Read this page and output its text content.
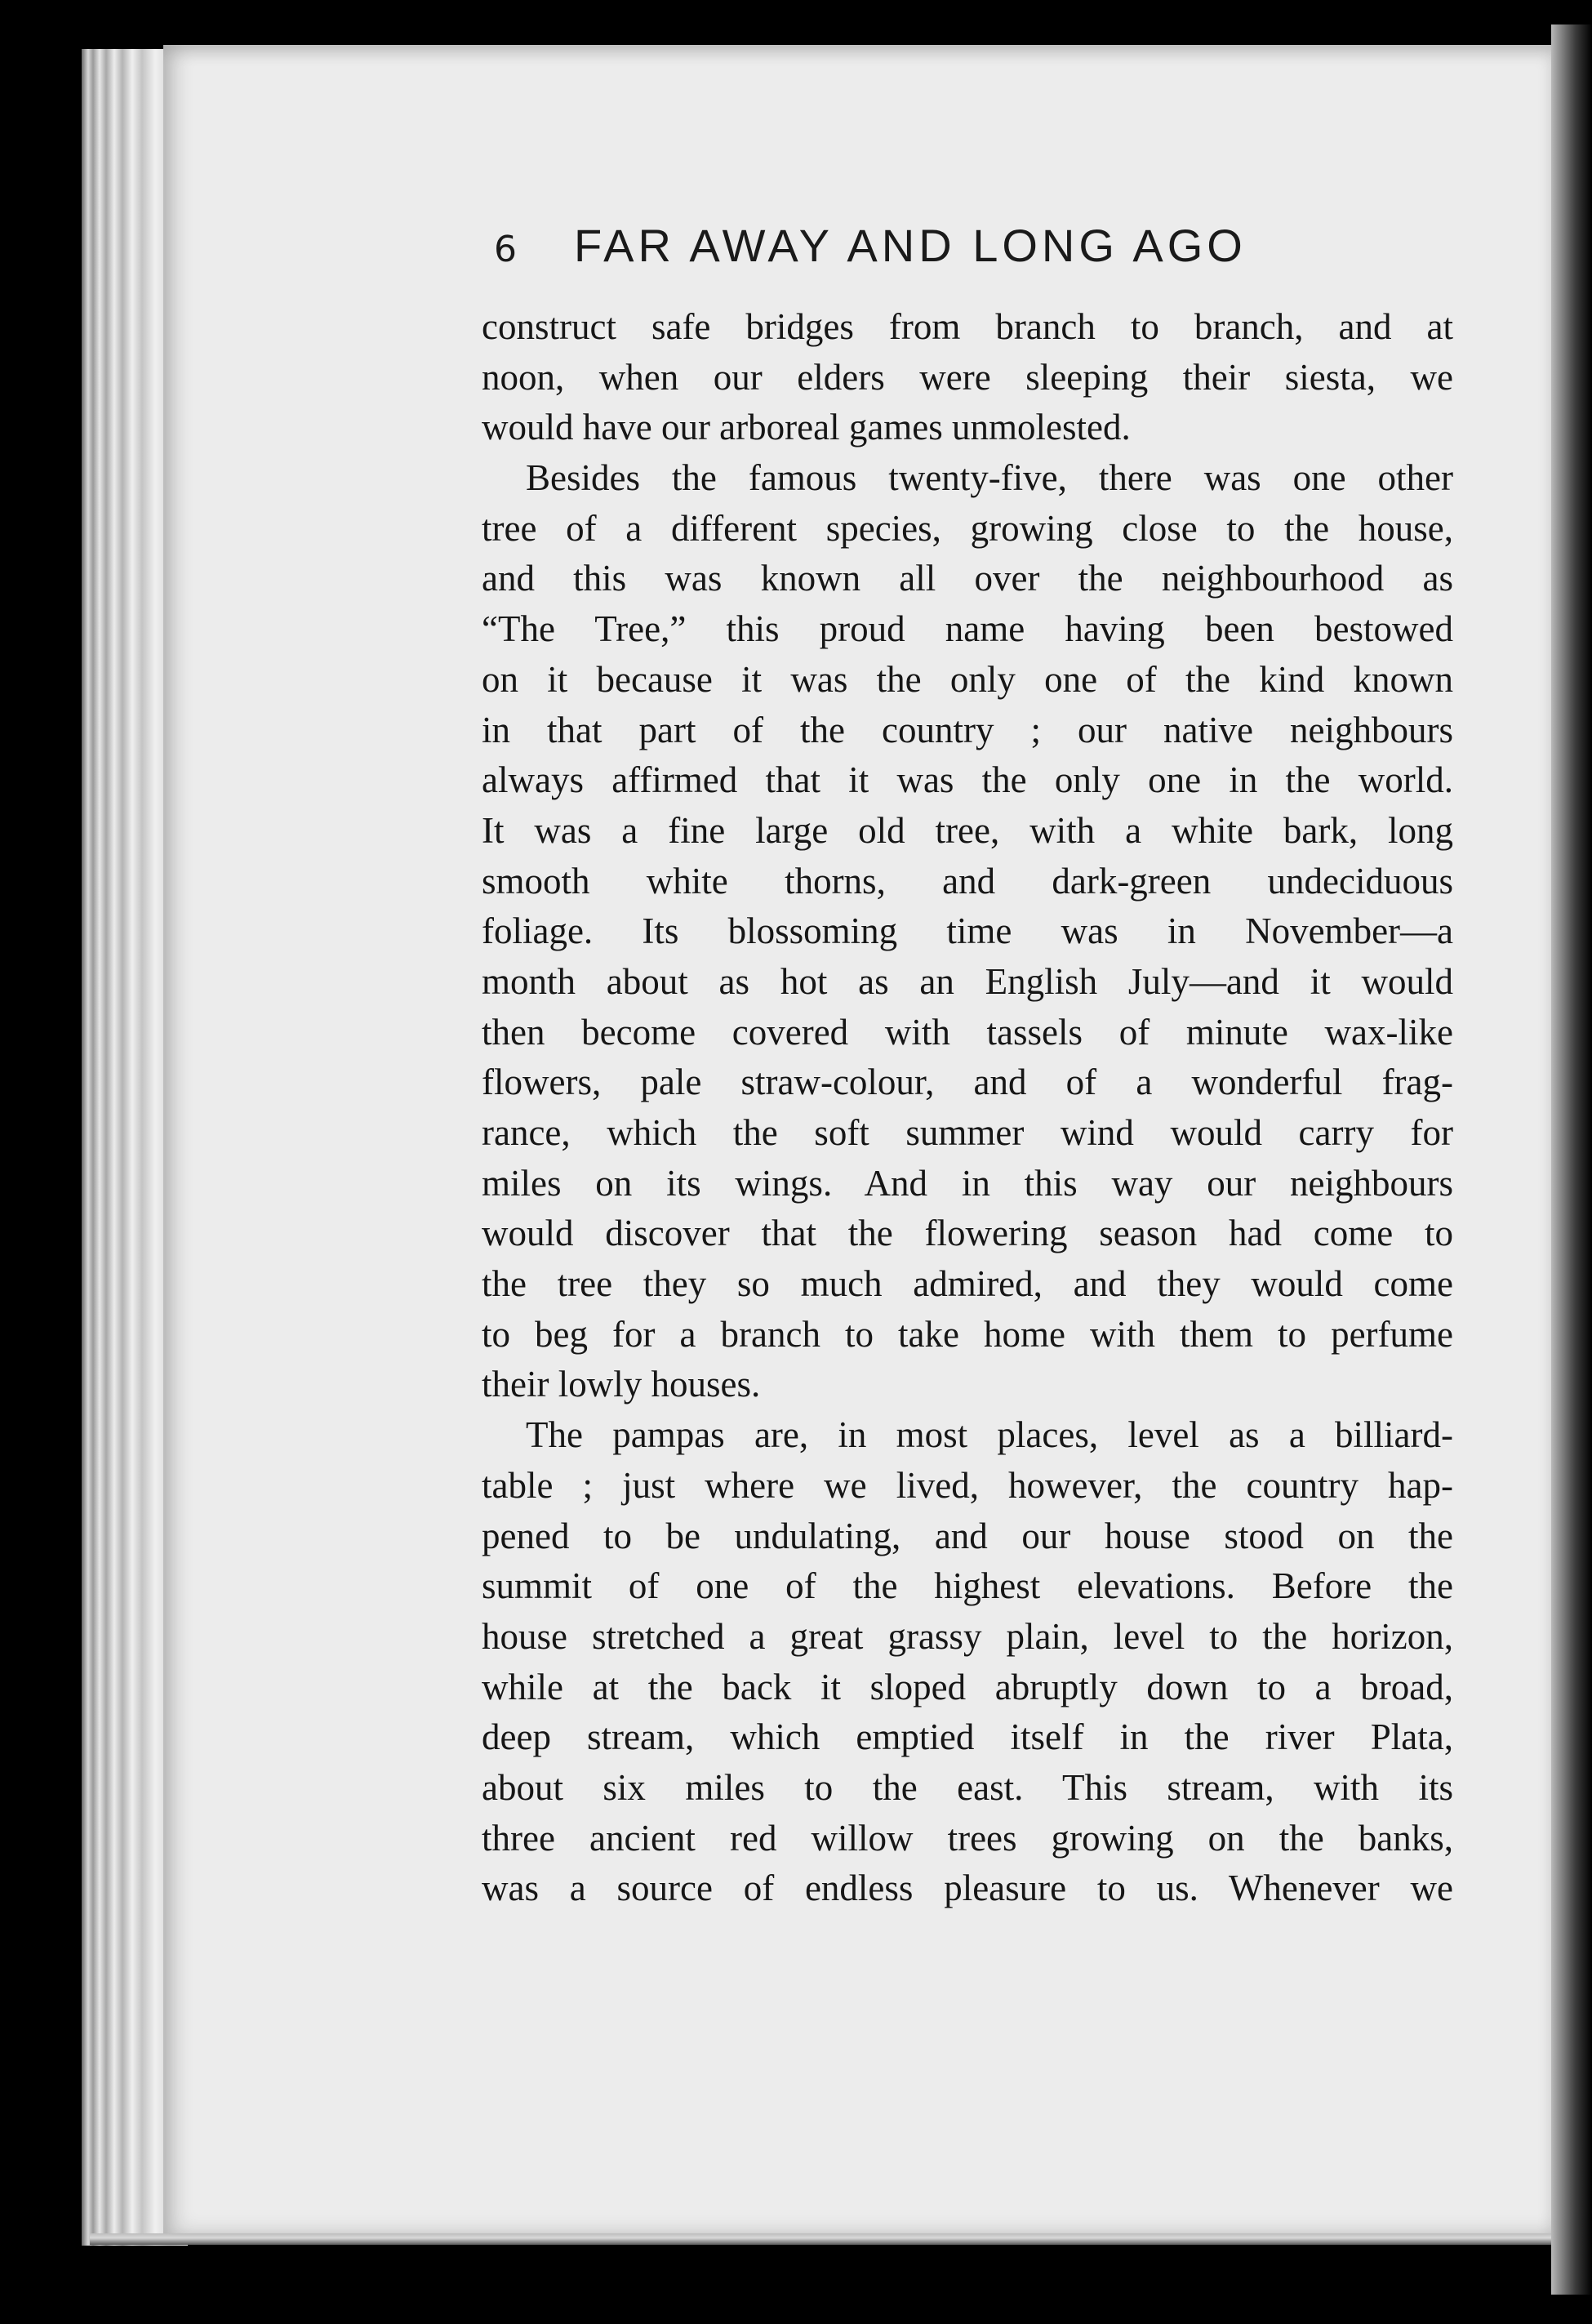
6 FAR AWAY AND LONG AGO
construct safe bridges from branch to branch, and at
noon, when our elders were sleeping their siesta, we
would have our arboreal games unmolested.
Besides the famous twenty-five, there was one other
tree of a different species, growing close to the house,
and this was known all over the neighbourhood as
“The Tree,” this proud name having been bestowed
on it because it was the only one of the kind known
in that part of the country ; our native neighbours
always affirmed that it was the only one in the world.
It was a fine large old tree, with a white bark, long
smooth white thorns, and dark-green undeciduous
foliage. Its blossoming time was in November—a
month about as hot as an English July—and it would
then become covered with tassels of minute wax-like
flowers, pale straw-colour, and of a wonderful frag-
rance, which the soft summer wind would carry for
miles on its wings. And in this way our neighbours
would discover that the flowering season had come to
the tree they so much admired, and they would come
to beg for a branch to take home with them to perfume
their lowly houses.
The pampas are, in most places, level as a billiard-
table ; just where we lived, however, the country hap-
pened to be undulating, and our house stood on the
summit of one of the highest elevations. Before the
house stretched a great grassy plain, level to the horizon,
while at the back it sloped abruptly down to a broad,
deep stream, which emptied itself in the river Plata,
about six miles to the east. This stream, with its
three ancient red willow trees growing on the banks,
was a source of endless pleasure to us. Whenever we
